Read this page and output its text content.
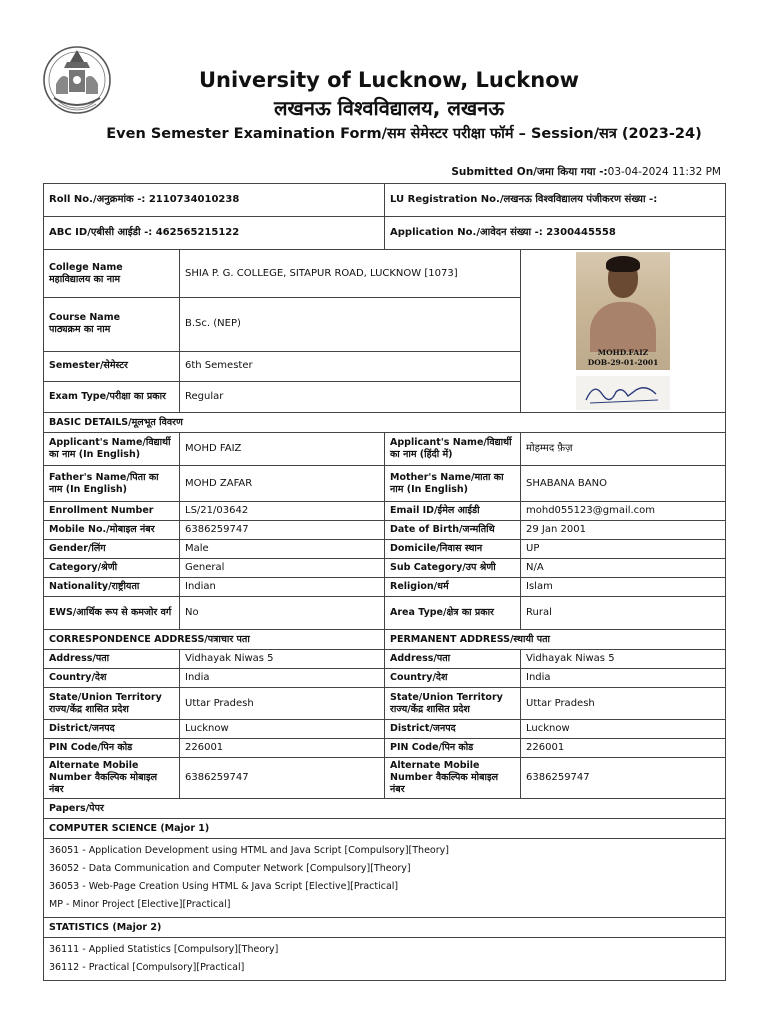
University of Lucknow, Lucknow
लखनऊ विश्वविद्यालय, लखनऊ
Even Semester Examination Form/सम सेमेस्टर परीक्षा फॉर्म – Session/सत्र (2023-24)
Submitted On/जमा किया गया -:03-04-2024 11:32 PM
Roll No./अनुक्रमांक -: 2110734010238		LU Registration No./लखनऊ विश्वविद्यालय पंजीकरण संख्या -:	
ABC ID/एबीसी आईडी -: 462565215122		Application No./आवेदन संख्या -: 2300445558	
College Name
महाविद्यालय का नाम	SHIA P. G. COLLEGE, SITAPUR ROAD, LUCKNOW [1073]		MOHD.FAIZ
DOB-29-01-2001

Course Name
पाठ्यक्रम का नाम	B.Sc. (NEP)		
Semester/सेमेस्टर	6th Semester		
Exam Type/परीक्षा का प्रकार	Regular		
BASIC DETAILS/मूलभूत विवरण			
Applicant's Name/विद्यार्थी का नाम (In English)	MOHD FAIZ	Applicant's Name/विद्यार्थी का नाम (हिंदी में)	मोहम्मद फ़ैज़
Father's Name/पिता का नाम (In English)	MOHD ZAFAR	Mother's Name/माता का नाम (In English)	SHABANA BANO
Enrollment Number	LS/21/03642	Email ID/ईमेल आईडी	mohd055123@gmail.com
Mobile No./मोबाइल नंबर	6386259747	Date of Birth/जन्मतिथि	29 Jan 2001
Gender/लिंग	Male	Domicile/निवास स्थान	UP
Category/श्रेणी	General	Sub Category/उप श्रेणी	N/A
Nationality/राष्ट्रीयता	Indian	Religion/धर्म	Islam
EWS/आर्थिक रूप से कमजोर वर्ग	No	Area Type/क्षेत्र का प्रकार	Rural
CORRESPONDENCE ADDRESS/पत्राचार पता		PERMANENT ADDRESS/स्थायी पता	
Address/पता	Vidhayak Niwas 5	Address/पता	Vidhayak Niwas 5
Country/देश	India	Country/देश	India
State/Union Territory राज्य/केंद्र शासित प्रदेश	Uttar Pradesh	State/Union Territory राज्य/केंद्र शासित प्रदेश	Uttar Pradesh
District/जनपद	Lucknow	District/जनपद	Lucknow
PIN Code/पिन कोड	226001	PIN Code/पिन कोड	226001
Alternate Mobile Number वैकल्पिक मोबाइल नंबर	6386259747	Alternate Mobile Number वैकल्पिक मोबाइल नंबर	6386259747
Papers/पेपर			
COMPUTER SCIENCE (Major 1)			

36051 - Application Development using HTML and Java Script [Compulsory][Theory]
36052 - Data Communication and Computer Network [Compulsory][Theory]
36053 - Web-Page Creation Using HTML & Java Script [Elective][Practical]
MP - Minor Project [Elective][Practical]			

STATISTICS (Major 2)			

36111 - Applied Statistics [Compulsory][Theory]
36112 - Practical [Compulsory][Practical]			
